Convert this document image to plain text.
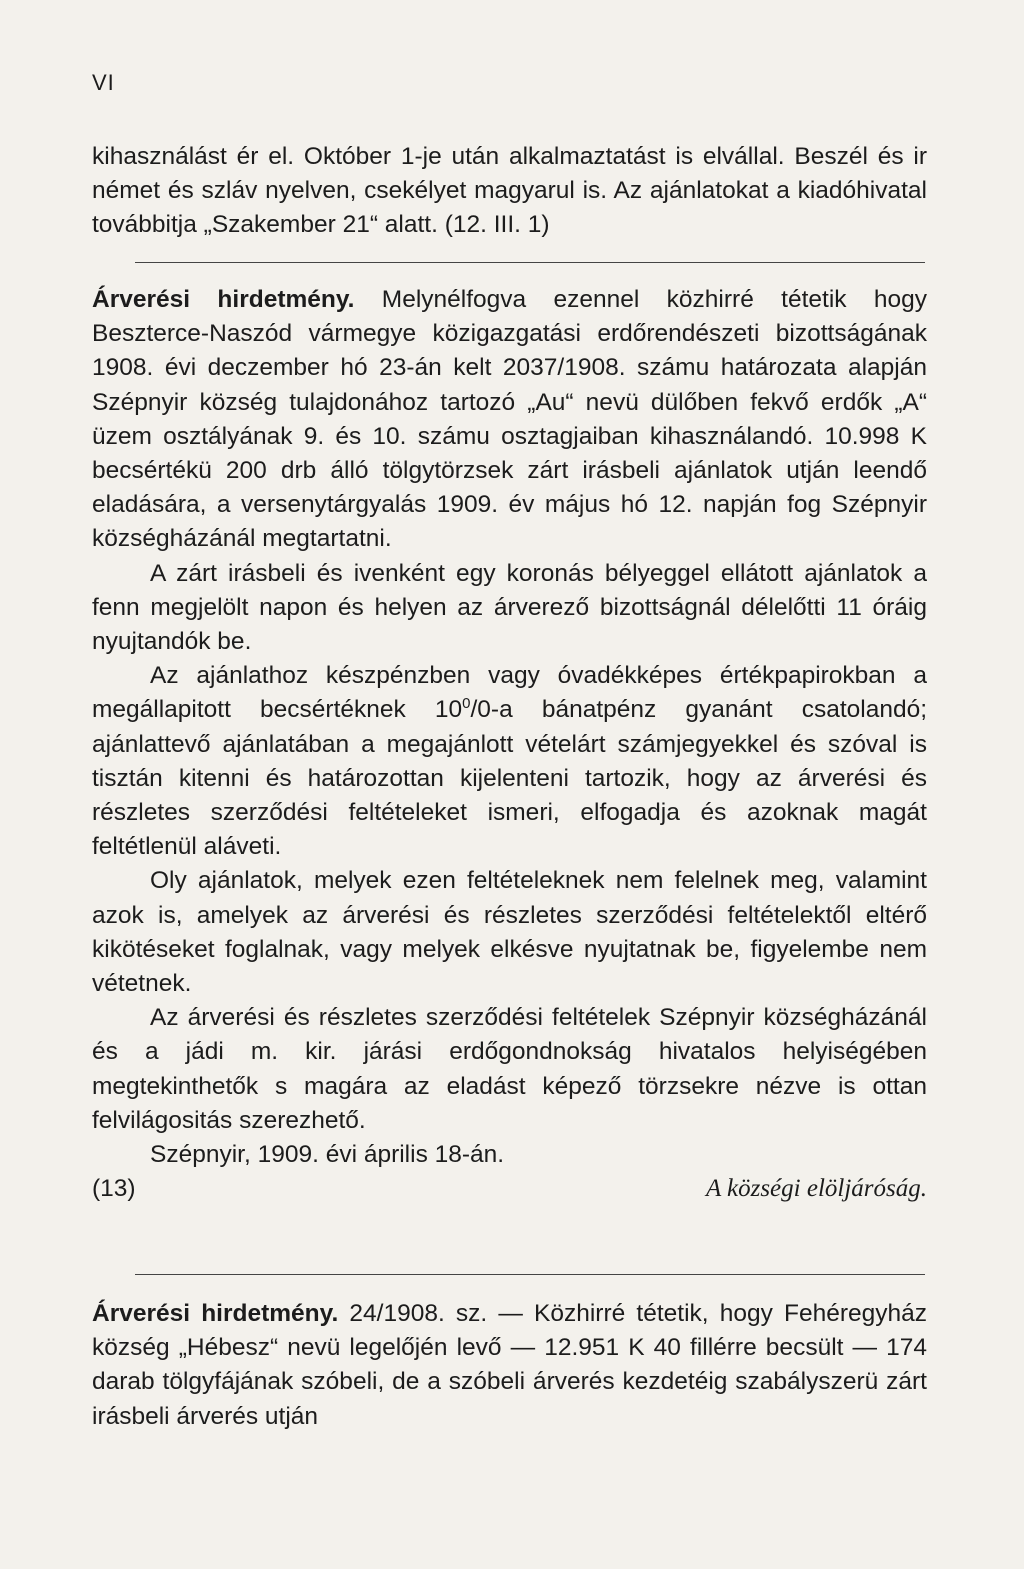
VI

kihasználást ér el. Október 1-je után alkalmaztatást is elvállal. Beszél és ir német és szláv nyelven, csekélyet magyarul is. Az ajánlatokat a kiadóhivatal továbbitja „Szakember 21“ alatt. (12. III. 1)

Árverési hirdetmény. Melynélfogva ezennel közhirré tétetik hogy Beszterce-Naszód vármegye közigazgatási erdőrendészeti bizottságának 1908. évi deczember hó 23-án kelt 2037/1908. számu határozata alapján Szépnyir község tulajdonához tartozó „Au“ nevü dülőben fekvő erdők „A“ üzem osztályának 9. és 10. számu osztagjaiban kihasználandó. 10.998 K becsértékü 200 drb álló tölgytörzsek zárt irásbeli ajánlatok utján leendő eladására, a versenytárgyalás 1909. év május hó 12. napján fog Szépnyir községházánál megtartatni.

A zárt irásbeli és ivenként egy koronás bélyeggel ellátott ajánlatok a fenn megjelölt napon és helyen az árverező bizottságnál délelőtti 11 óráig nyujtandók be.

Az ajánlathoz készpénzben vagy óvadékképes értékpapirokban a megállapitott becsértéknek $10^0/0-a$ bánatpénz gyanánt csatolandó; ajánlattevő ajánlatában a megajánlott vételárt számjegyekkel és szóval is tisztán kitenni és határozottan kijelenteni tartozik, hogy az árverési és részletes szerződési feltételeket ismeri, elfogadja és azoknak magát feltétlenül aláveti.

Oly ajánlatok, melyek ezen feltételeknek nem felelnek meg, valamint azok is, amelyek az árverési és részletes szerződési feltételektől eltérő kikötéseket foglalnak, vagy melyek elkésve nyujtatnak be, figyelembe nem vétetnek.

Az árverési és részletes szerződési feltételek Szépnyir községházánál és a jádi m. kir. járási erdőgondnokság hivatalos helyiségében megtekinthetők s magára az eladást képező törzsekre nézve is ottan felvilágositás szerezhető.

Szépnyir, 1909. évi április 18-án.

(13)	A községi elöljáróság.

Árverési hirdetmény. 24/1908. sz. — Közhirré tétetik, hogy Fehéregyház község „Hébesz“ nevü legelőjén levő — 12.951 K 40 fillérre becsült — 174 darab tölgyfájának szóbeli, de a szóbeli árverés kezdetéig szabályszerü zárt irásbeli árverés utján
